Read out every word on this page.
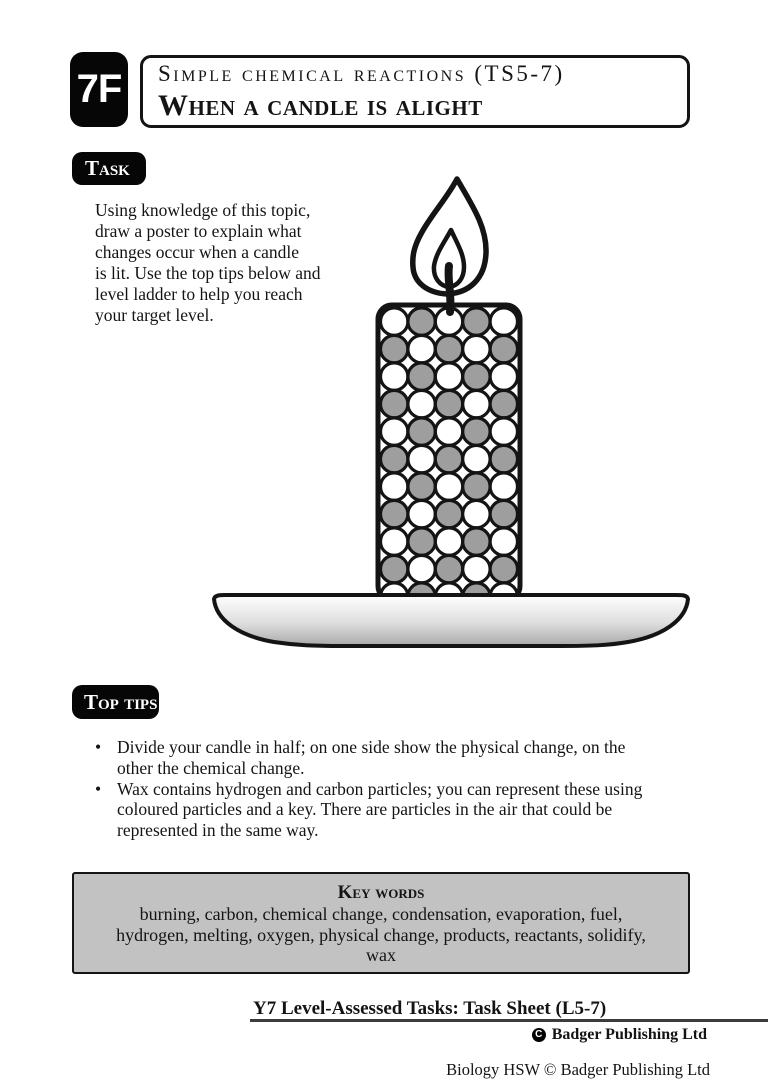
7F Simple chemical reactions (TS5-7)
When a candle is alight
Task
Using knowledge of this topic,
draw a poster to explain what
changes occur when a candle
is lit. Use the top tips below and
level ladder to help you reach
your target level.
Top tips
• Divide your candle in half; on one side show the physical change, on the
other the chemical change.
• Wax contains hydrogen and carbon particles; you can represent these using
coloured particles and a key. There are particles in the air that could be
represented in the same way.
Key words
burning, carbon, chemical change, condensation, evaporation, fuel,
hydrogen, melting, oxygen, physical change, products, reactants, solidify,
wax
Y7 Level-Assessed Tasks: Task Sheet (L5-7)
C Badger Publishing Ltd
Biology HSW © Badger Publishing Ltd
